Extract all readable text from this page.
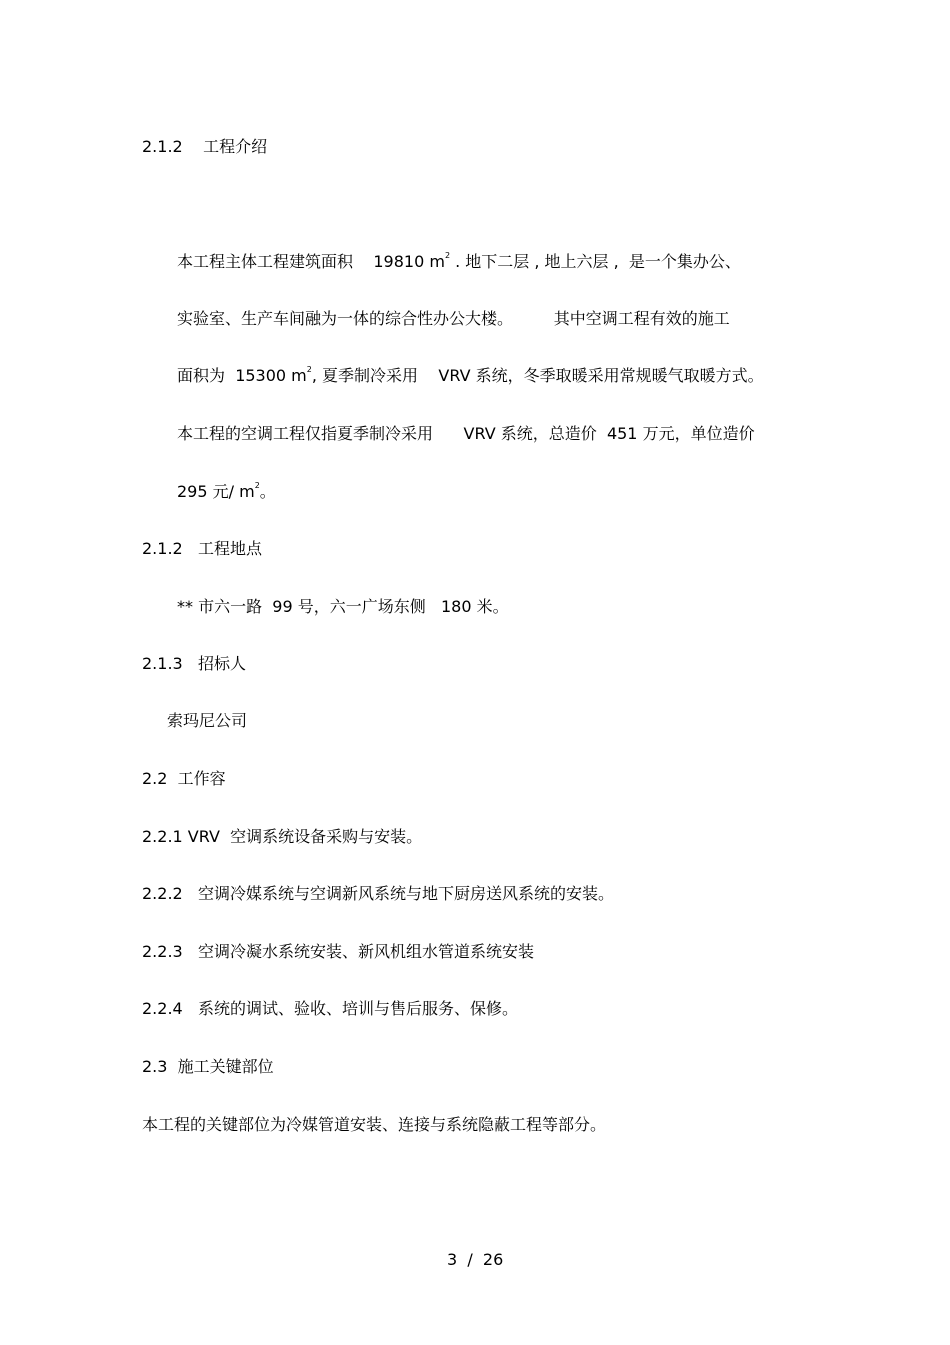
2.1.2 工程介绍
本工程主体工程建筑面积 19810 $m^2$ . 地下二层 , 地上六层 , 是一个集办公、
实验室、生产车间融为一体的综合性办公大楼。	其中空调工程有效的施工
面积为 15300 $m^2$, 夏季制冷采用 VRV 系统，冬季取暖采用常规暖气取暖方式。
本工程的空调工程仅指夏季制冷采用 VRV 系统，总造价 451 万元，单位造价
295 元/ $m^2$。
2.1.2 工程地点
** 市六一路  99 号，六一广场东侧   180 米。
2.1.3 招标人
索玛尼公司
2.2 工作容
2.2.1 VRV  空调系统设备采购与安装。
2.2.2   空调冷媒系统与空调新风系统与地下厨房送风系统的安装。
2.2.3   空调冷凝水系统安装、新风机组水管道系统安装
2.2.4   系统的调试、验收、培训与售后服务、保修。
2.3 施工关键部位
本工程的关键部位为冷媒管道安装、连接与系统隐蔽工程等部分。
3 / 26
